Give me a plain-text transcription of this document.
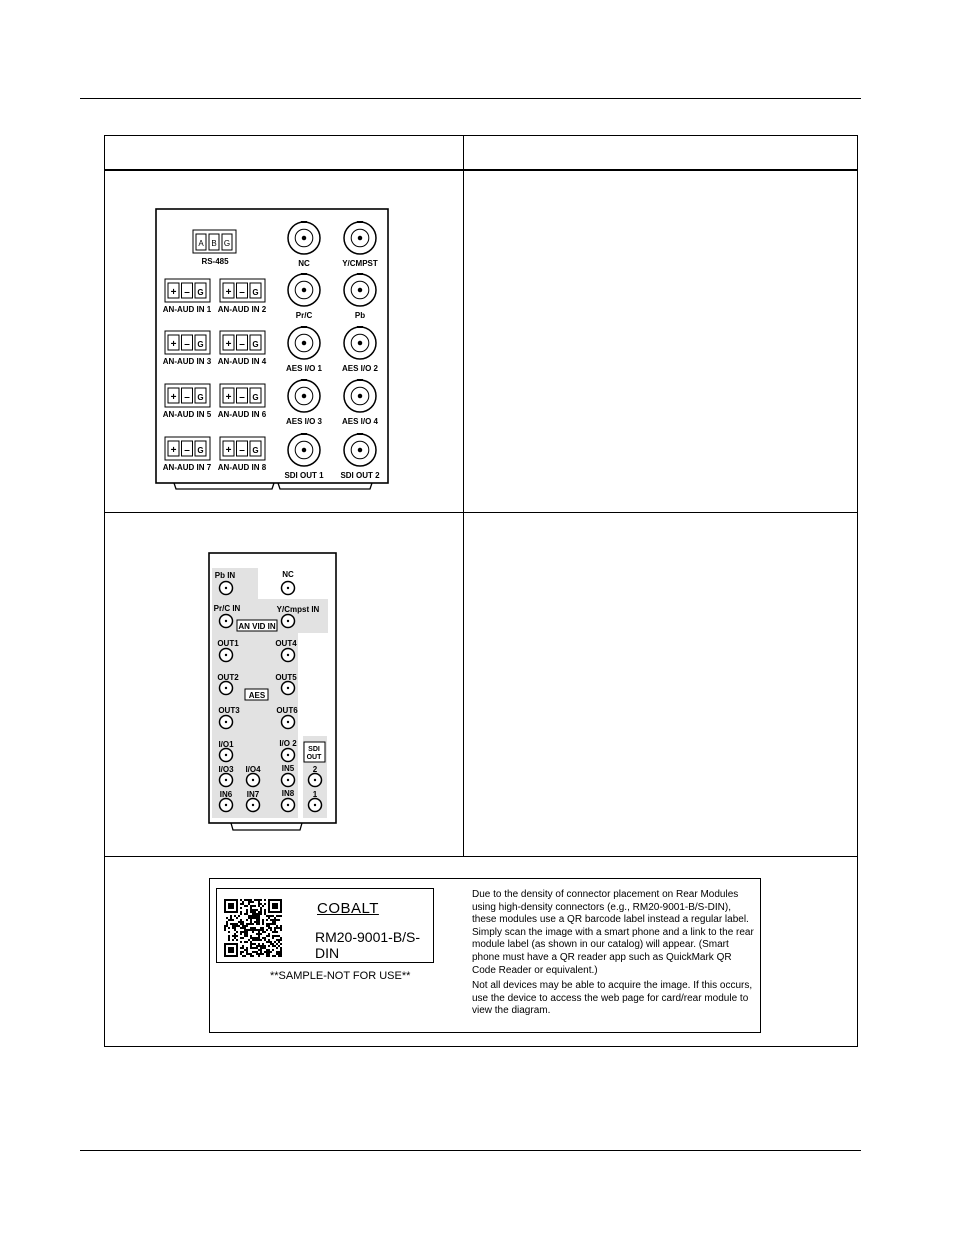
A B G
RS-485
+ – G
AN-AUD IN 1
+ – G
AN-AUD IN 2
+ – G
AN-AUD IN 3
+ – G
AN-AUD IN 4
+ – G
AN-AUD IN 5
+ – G
AN-AUD IN 6
+ – G
AN-AUD IN 7
+ – G
AN-AUD IN 8
NC	Y/CMPST
Pr/C	Pb
AES I/O 1 AES I/O 2
AES I/O 3 AES I/O 4
SDI OUT 1 SDI OUT 2
Pb IN	NC
Pr/C IN	Y/Cmpst IN
AN VID IN
OUT1	OUT4
OUT2	OUT5
AES
OUT3	OUT6
I/O1	I/O 2
SDI
OUT
I/O3 I/O4	IN5 2
IN6 IN7	IN8 1
COBALT
RM20-9001-B/S-DIN
**SAMPLE-NOT FOR USE**

Due to the density of connector placement on Rear Modules using high-density connectors (e.g., RM20-9001-B/S-DIN), these modules use a QR barcode label instead a regular label. Simply scan the image with a smart phone and a link to the rear module label (as shown in our catalog) will appear. (Smart phone must have a QR reader app such as QuickMark QR Code Reader or equivalent.)

Not all devices may be able to acquire the image. If this occurs, use the device to access the web page for card/rear module to view the diagram.
